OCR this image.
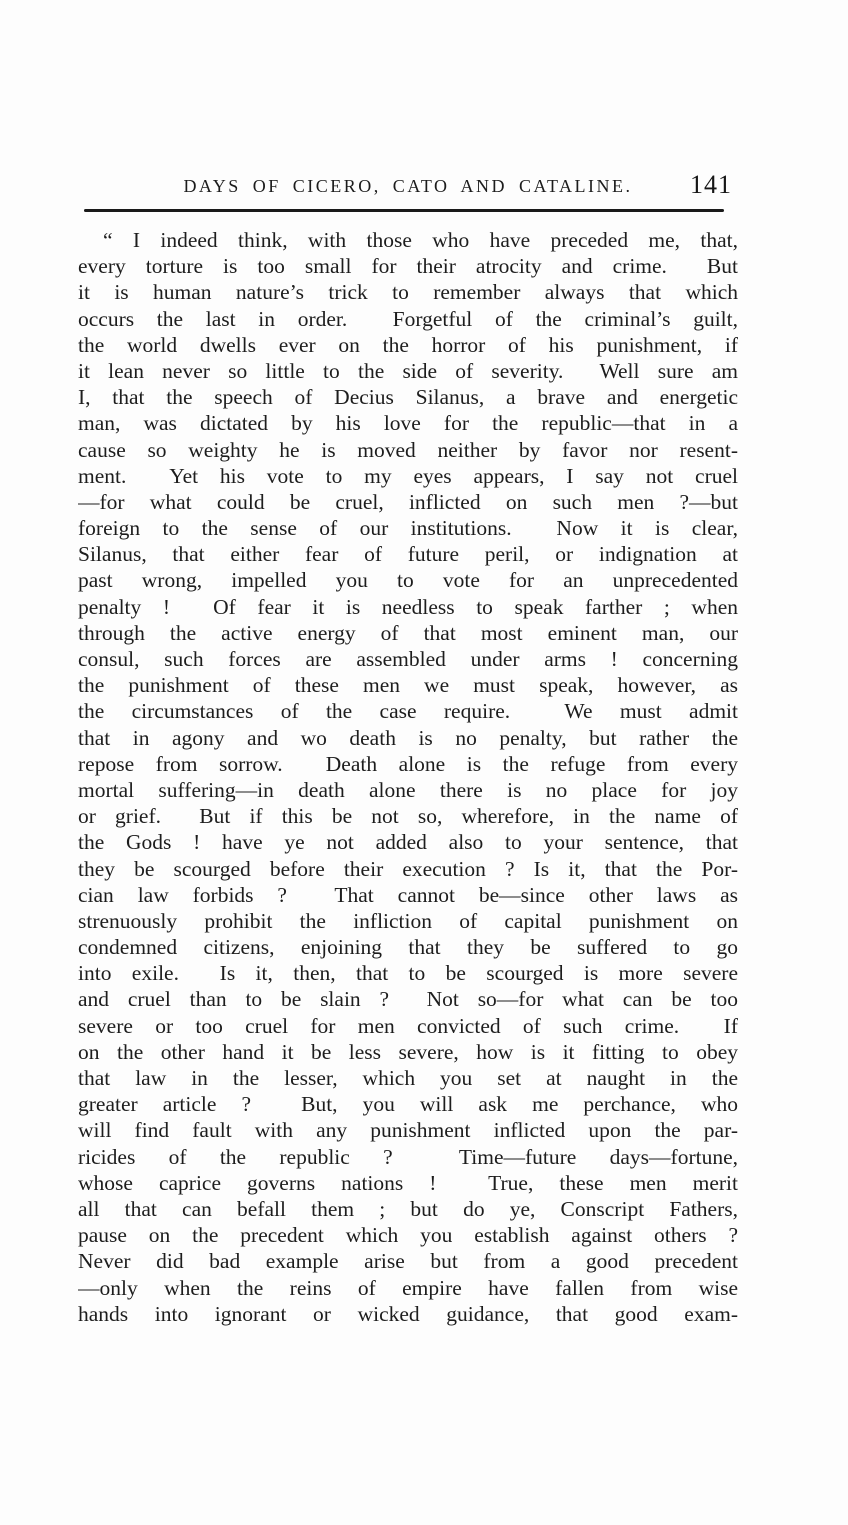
DAYS OF CICERO, CATO AND CATALINE.	141
“ I indeed think, with those who have preceded me, that,
every torture is too small for their atrocity and crime.  But
it is human nature’s trick to remember always that which
occurs the last in order.  Forgetful of the criminal’s guilt,
the world dwells ever on the horror of his punishment, if
it lean never so little to the side of severity.  Well sure am
I, that the speech of Decius Silanus, a brave and energetic
man, was dictated by his love for the republic—that in a
cause so weighty he is moved neither by favor nor resent-
ment.  Yet his vote to my eyes appears, I say not cruel
—for what could be cruel, inflicted on such men ?—but
foreign to the sense of our institutions.  Now it is clear,
Silanus, that either fear of future peril, or indignation at
past wrong, impelled you to vote for an unprecedented
penalty !  Of fear it is needless to speak farther ; when
through the active energy of that most eminent man, our
consul, such forces are assembled under arms ! concerning
the punishment of these men we must speak, however, as
the circumstances of the case require.  We must admit
that in agony and wo death is no penalty, but rather the
repose from sorrow.  Death alone is the refuge from every
mortal suffering—in death alone there is no place for joy
or grief.  But if this be not so, wherefore, in the name of
the Gods ! have ye not added also to your sentence, that
they be scourged before their execution ? Is it, that the Por-
cian law forbids ?  That cannot be—since other laws as
strenuously prohibit the infliction of capital punishment on
condemned citizens, enjoining that they be suffered to go
into exile.  Is it, then, that to be scourged is more severe
and cruel than to be slain ?  Not so—for what can be too
severe or too cruel for men convicted of such crime.  If
on the other hand it be less severe, how is it fitting to obey
that law in the lesser, which you set at naught in the
greater article ?  But, you will ask me perchance, who
will find fault with any punishment inflicted upon the par-
ricides of the republic ?  Time—future days—fortune,
whose caprice governs nations !  True, these men merit
all that can befall them ; but do ye, Conscript Fathers,
pause on the precedent which you establish against others ?
Never did bad example arise but from a good precedent
—only when the reins of empire have fallen from wise
hands into ignorant or wicked guidance, that good exam-
